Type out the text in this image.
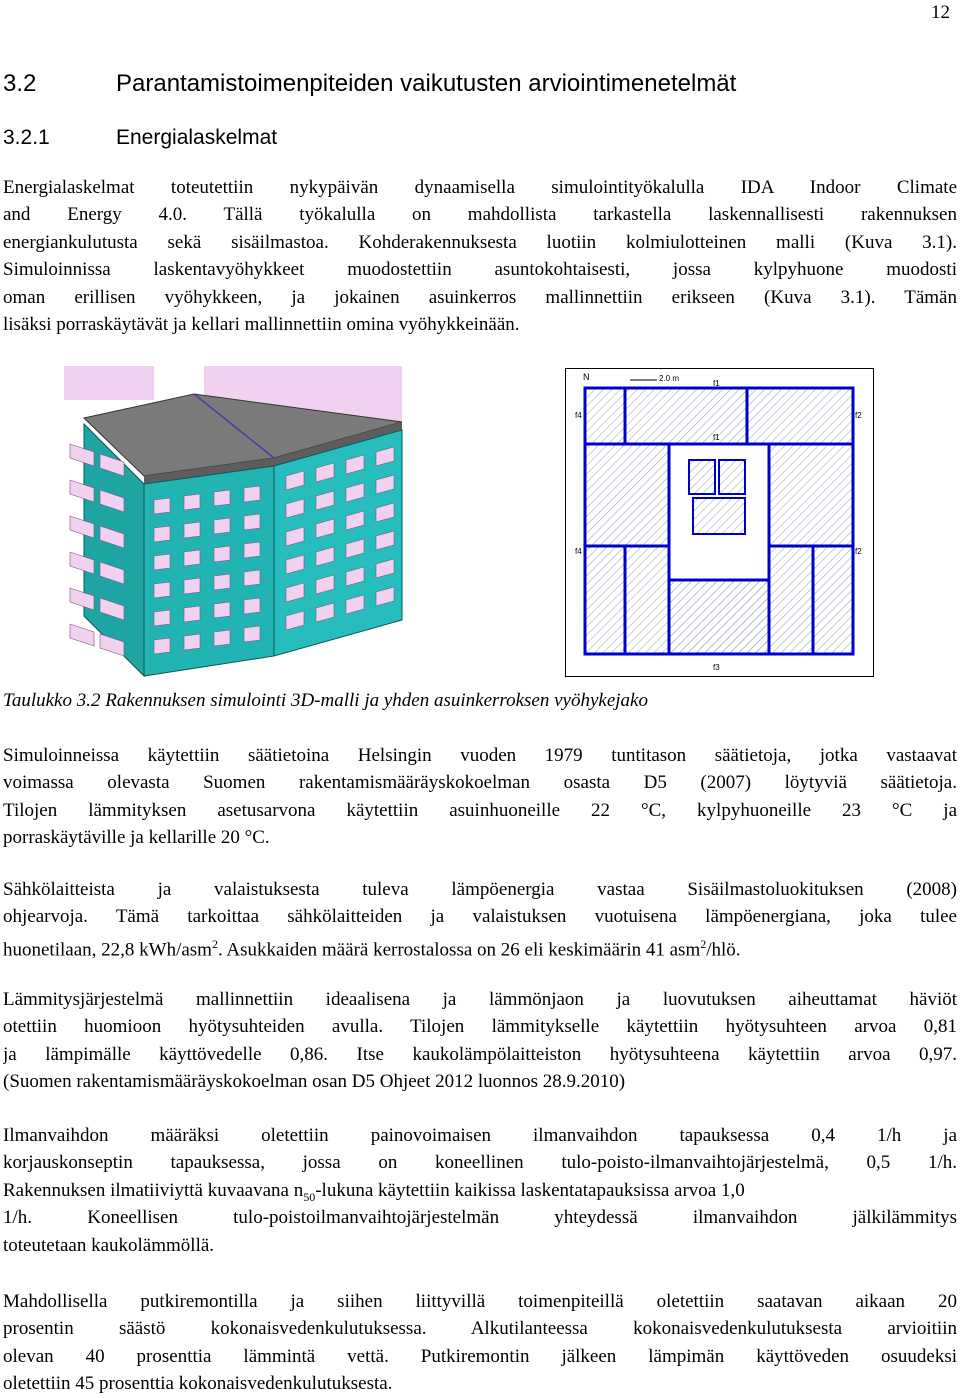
12
3.2	Parantamistoimenpiteiden vaikutusten arviointimenetelmät
3.2.1	Energialaskelmat
Energialaskelmat toteutettiin nykypäivän dynaamisella simulointityökalulla IDA Indoor Climate
and Energy 4.0. Tällä työkalulla on mahdollista tarkastella laskennallisesti rakennuksen
energiankulutusta sekä sisäilmastoa. Kohderakennuksesta luotiin kolmiulotteinen malli (Kuva 3.1).
Simuloinnissa laskentavyöhykkeet muodostettiin asuntokohtaisesti, jossa kylpyhuone muodosti
oman erillisen vyöhykkeen, ja jokainen asuinkerros mallinnettiin erikseen (Kuva 3.1). Tämän
lisäksi porraskäytävät ja kellari mallinnettiin omina vyöhykkeinään.
N	2.0 m
f1
f1
f2
f2
f4
f4
f3

Taulukko 3.2 Rakennuksen simulointi 3D-malli ja yhden asuinkerroksen vyöhykejako

Simuloinneissa käytettiin säätietoina Helsingin vuoden 1979 tuntitason säätietoja, jotka vastaavat
voimassa olevasta Suomen rakentamismääräyskokoelman osasta D5 (2007) löytyviä säätietoja.
Tilojen lämmityksen asetusarvona käytettiin asuinhuoneille 22 °C, kylpyhuoneille 23 °C ja
porraskäytäville ja kellarille 20 °C.
Sähkölaitteista ja valaistuksesta tuleva lämpöenergia vastaa Sisäilmastoluokituksen (2008)
ohjearvoja. Tämä tarkoittaa sähkölaitteiden ja valaistuksen vuotuisena lämpöenergiana, joka tulee
huonetilaan, 22,8 kWh/asm$^2$. Asukkaiden määrä kerrostalossa on 26 eli keskimäärin 41 asm$^2$/hlö.
Lämmitysjärjestelmä mallinnettiin ideaalisena ja lämmönjaon ja luovutuksen aiheuttamat häviöt
otettiin huomioon hyötysuhteiden avulla. Tilojen lämmitykselle käytettiin hyötysuhteen arvoa 0,81
ja lämpimälle käyttövedelle 0,86. Itse kaukolämpölaitteiston hyötysuhteena käytettiin arvoa 0,97.
(Suomen rakentamismääräyskokoelman osan D5 Ohjeet 2012 luonnos 28.9.2010)
Ilmanvaihdon määräksi oletettiin painovoimaisen ilmanvaihdon tapauksessa 0,4 1/h ja
korjauskonseptin tapauksessa, jossa on koneellinen tulo-poisto-ilmanvaihtojärjestelmä, 0,5 1/h.
Rakennuksen ilmatiiviyttä kuvaavana $n_{50}$-lukuna käytettiin kaikissa laskentatapauksissa arvoa 1,0
1/h. Koneellisen tulo-poistoilmanvaihtojärjestelmän yhteydessä ilmanvaihdon jälkilämmitys
toteutetaan kaukolämmöllä.
Mahdollisella putkiremontilla ja siihen liittyvillä toimenpiteillä oletettiin saatavan aikaan 20
prosentin säästö kokonaisvedenkulutuksessa. Alkutilanteessa kokonaisvedenkulutuksesta arvioitiin
olevan 40 prosenttia lämmintä vettä. Putkiremontin jälkeen lämpimän käyttöveden osuudeksi
oletettiin 45 prosenttia kokonaisvedenkulutuksesta.
